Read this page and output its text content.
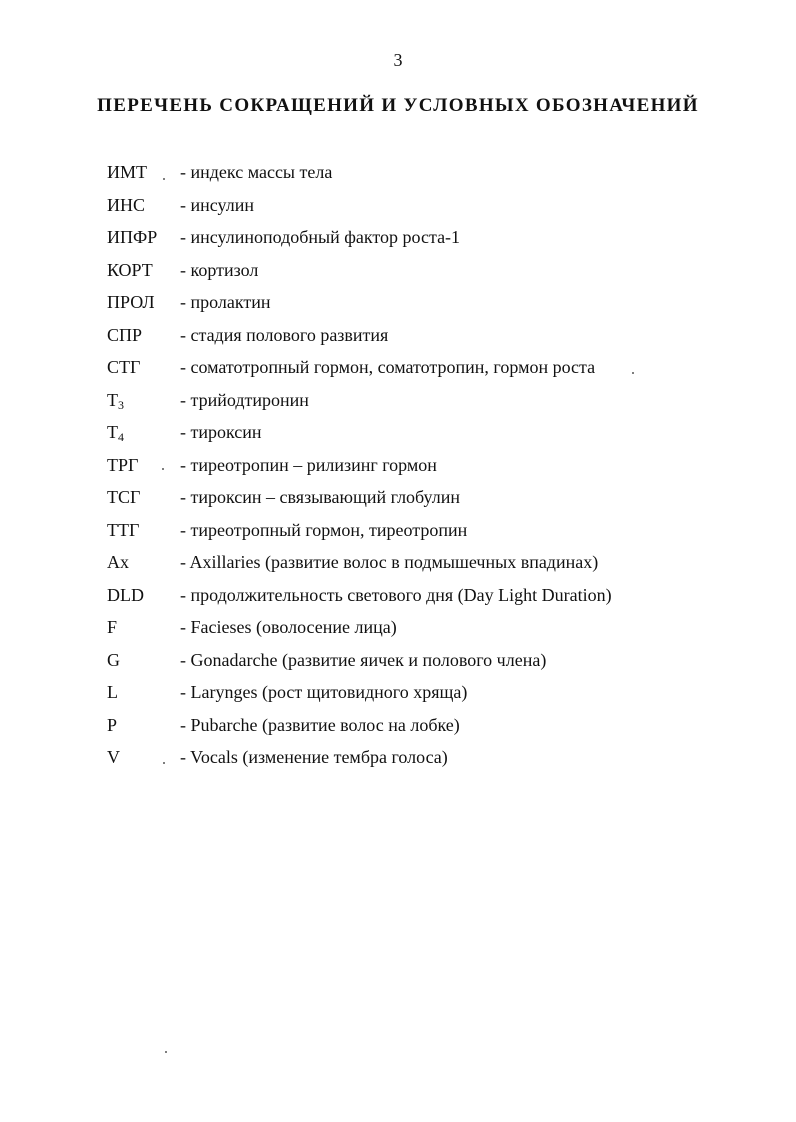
3
ПЕРЕЧЕНЬ СОКРАЩЕНИЙ И УСЛОВНЫХ ОБОЗНАЧЕНИЙ
ИМТ - индекс массы тела
ИНС - инсулин
ИПФР - инсулиноподобный фактор роста-1
КОРТ - кортизол
ПРОЛ - пролактин
СПР - стадия полового развития
СТГ - соматотропный гормон, соматотропин, гормон роста
$T_3$	- трийодтиронин
$T_4$	- тироксин
ТРГ - тиреотропин – рилизинг гормон
ТСГ - тироксин – связывающий глобулин
ТТГ - тиреотропный гормон, тиреотропин
Ax	- Axillaries (развитие волос в подмышечных впадинах)
DLD - продолжительность светового дня (Day Light Duration)
F	- Facieses (оволосение лица)
G	- Gonadarche (развитие яичек и полового члена)
L	- Larynges (рост щитовидного хряща)
P	- Pubarche (развитие волос на лобке)
V	- Vocals (изменение тембра голоса)
